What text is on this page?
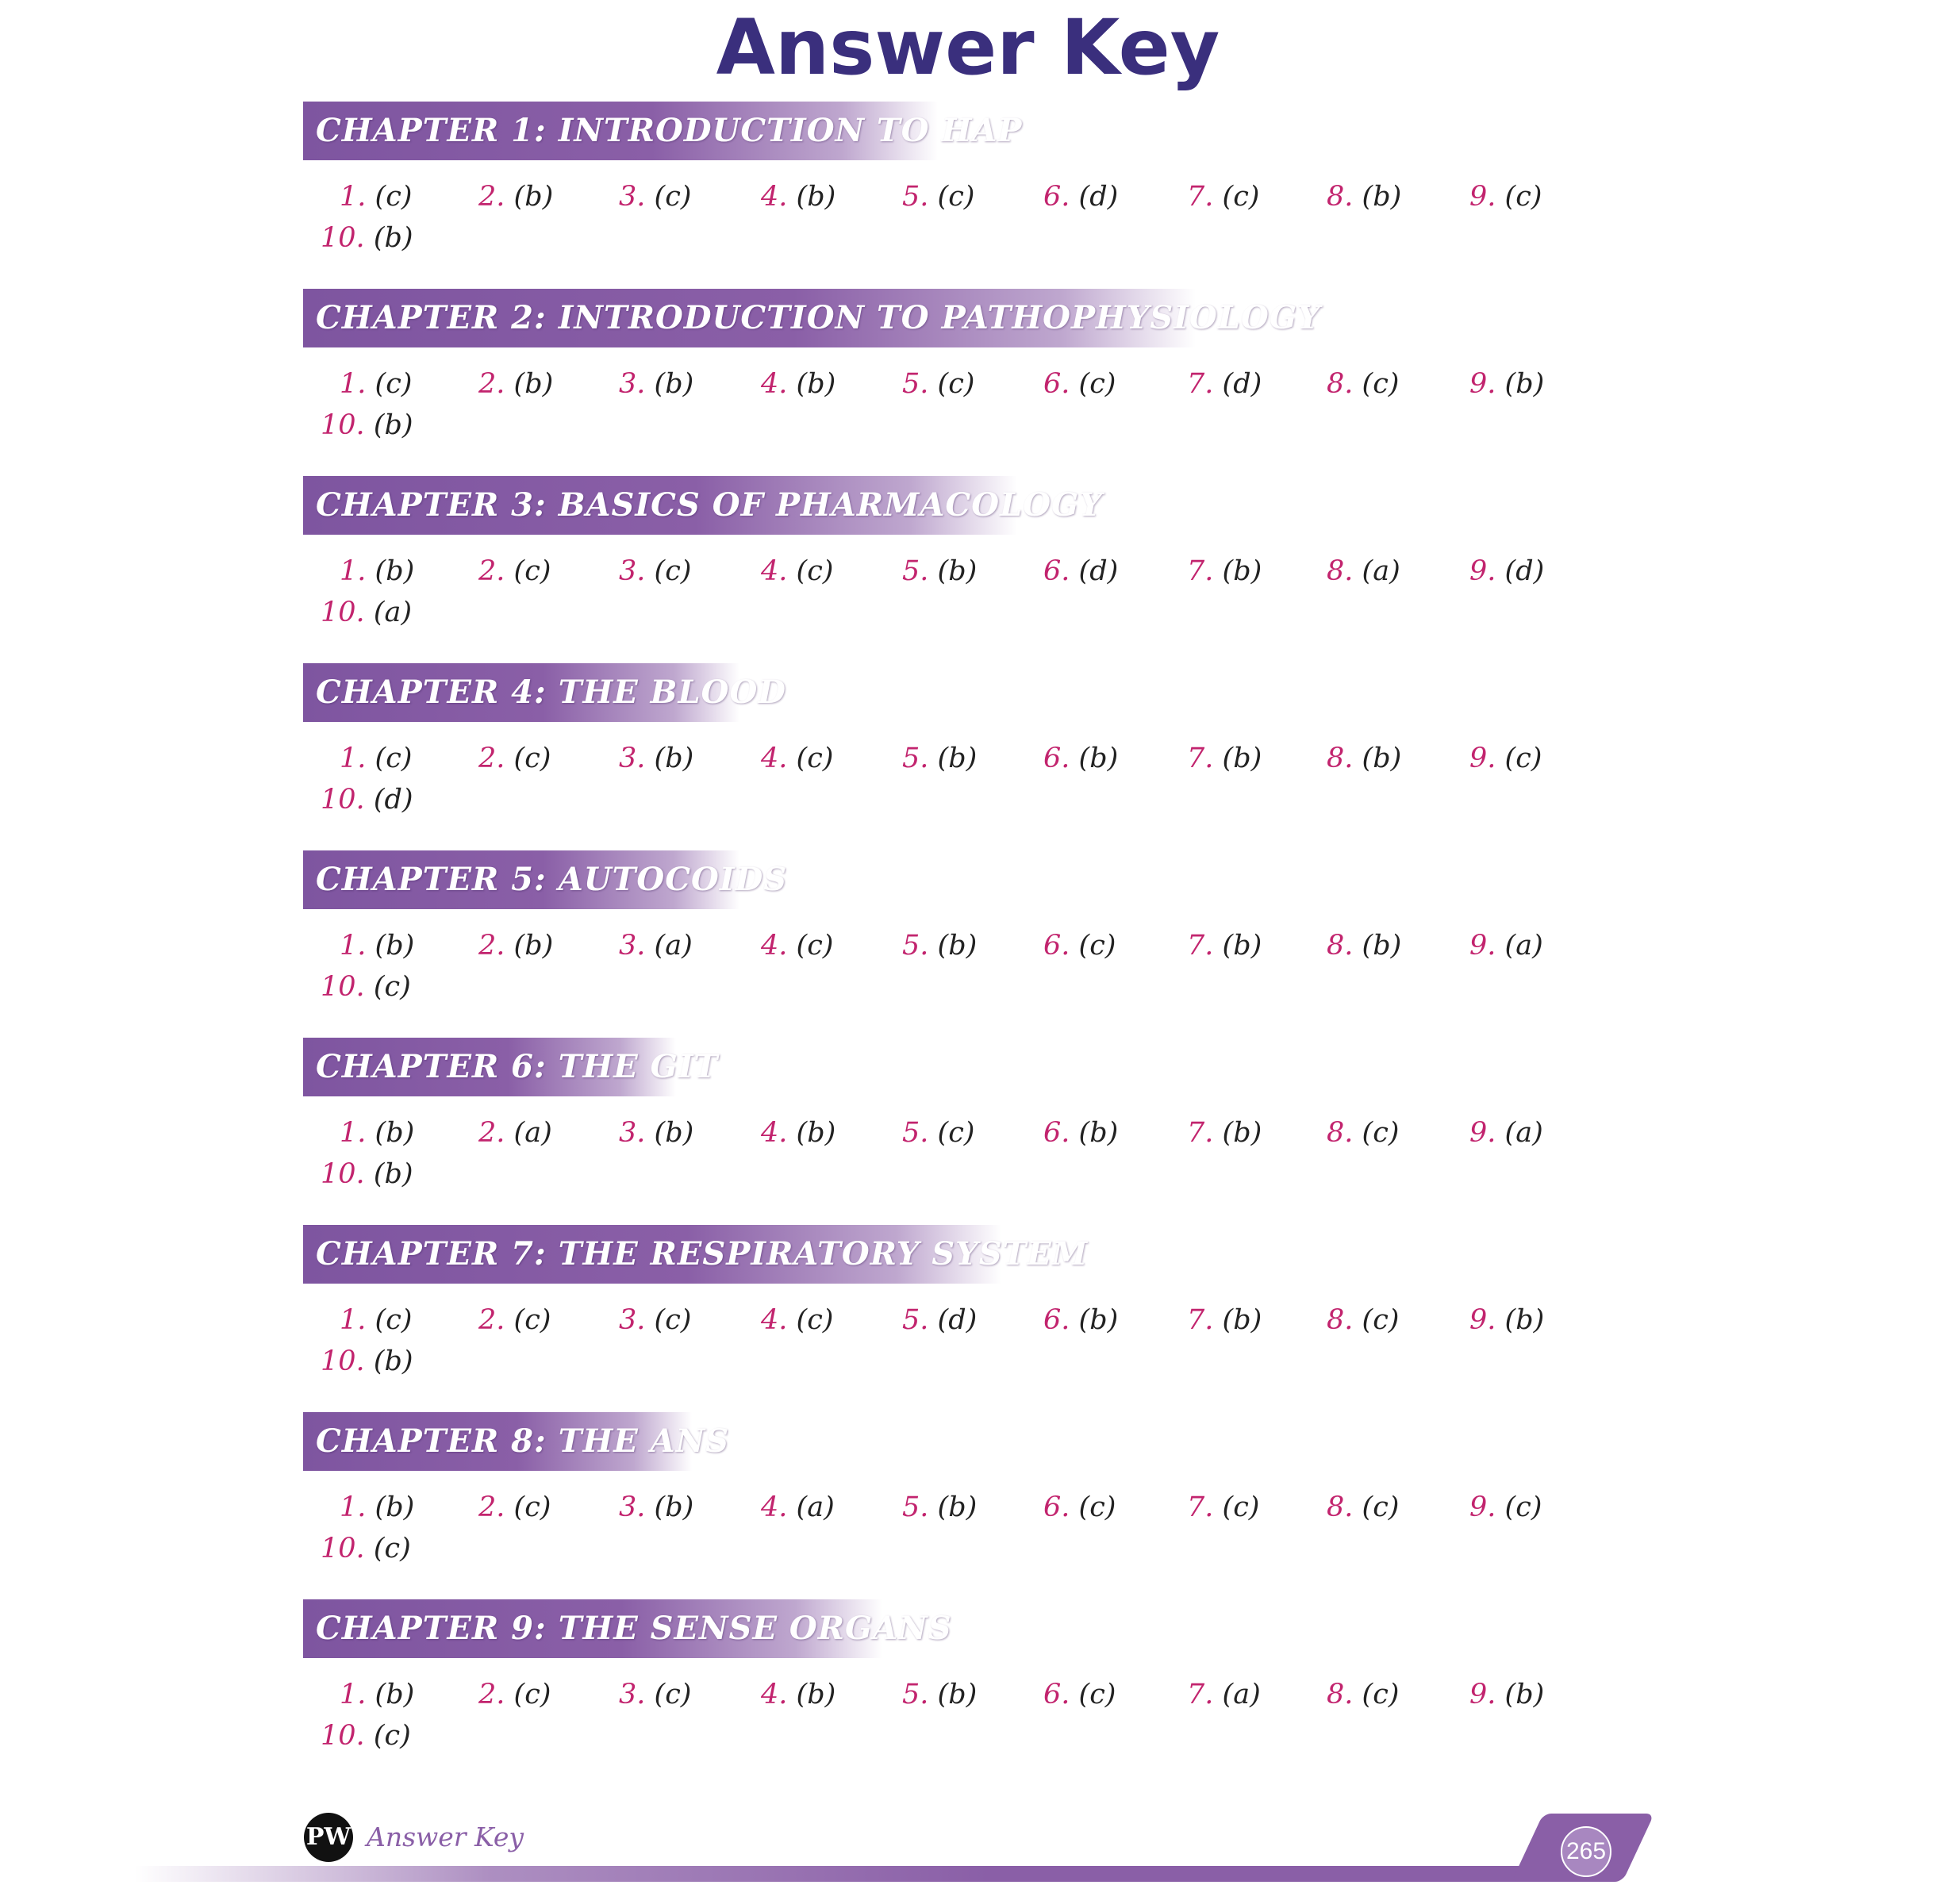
Answer Key
CHAPTER 1: INTRODUCTION TO HAP
1. (c) 2. (b) 3. (c)	4. (b) 5. (c) 6. (d) 7. (c) 8. (b) 9. (c)
10. (b)
CHAPTER 2: INTRODUCTION TO PATHOPHYSIOLOGY
1. (c) 2. (b) 3. (b) 4. (b) 5. (c) 6. (c)	7. (d) 8. (c)	9. (b)
10. (b)
CHAPTER 3: BASICS OF PHARMACOLOGY
1. (b) 2. (c) 3. (c)	4. (c) 5. (b) 6. (d) 7. (b) 8. (a) 9. (d)
10. (a)
CHAPTER 4: THE BLOOD
1. (c) 2. (c) 3. (b) 4. (c) 5. (b) 6. (b) 7. (b) 8. (b) 9. (c)
10. (d)
CHAPTER 5: AUTOCOIDS
1. (b) 2. (b) 3. (a) 4. (c) 5. (b) 6. (c)	7. (b) 8. (b) 9. (a)
10. (c)
CHAPTER 6: THE GIT
1. (b) 2. (a) 3. (b) 4. (b) 5. (c) 6. (b) 7. (b) 8. (c)	9. (a)
10. (b)
CHAPTER 7: THE RESPIRATORY SYSTEM
1. (c) 2. (c) 3. (c)	4. (c) 5. (d) 6. (b) 7. (b) 8. (c)	9. (b)
10. (b)
CHAPTER 8: THE ANS
1. (b) 2. (c) 3. (b) 4. (a) 5. (b) 6. (c)	7. (c) 8. (c)	9. (c)
10. (c)
CHAPTER 9: THE SENSE ORGANS
1. (b) 2. (c) 3. (c)	4. (b) 5. (b) 6. (c)	7. (a) 8. (c)	9. (b)
10. (c)
PW Answer Key	265
